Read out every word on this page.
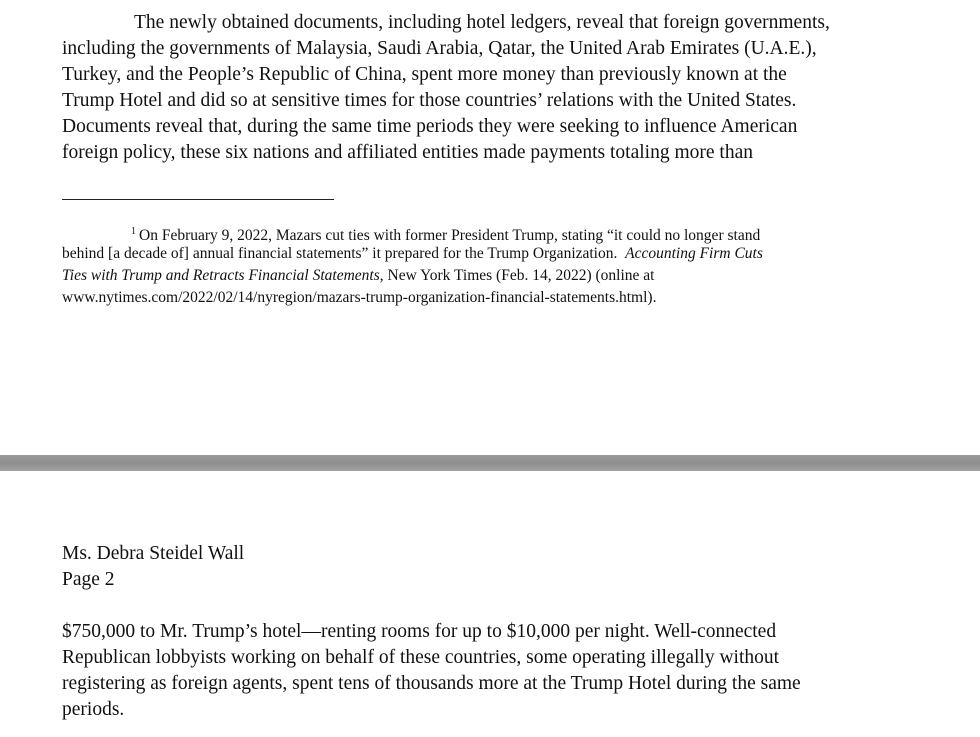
The newly obtained documents, including hotel ledgers, reveal that foreign governments,
including the governments of Malaysia, Saudi Arabia, Qatar, the United Arab Emirates (U.A.E.),
Turkey, and the People’s Republic of China, spent more money than previously known at the
Trump Hotel and did so at sensitive times for those countries’ relations with the United States.
Documents reveal that, during the same time periods they were seeking to influence American
foreign policy, these six nations and affiliated entities made payments totaling more than
$^1$ On February 9, 2022, Mazars cut ties with former President Trump, stating “it could no longer stand
behind [a decade of] annual financial statements” it prepared for the Trump Organization. Accounting Firm Cuts
Ties with Trump and Retracts Financial Statements, New York Times (Feb. 14, 2022) (online at
www.nytimes.com/2022/02/14/nyregion/mazars-trump-organization-financial-statements.html).
Ms. Debra Steidel Wall
Page 2
$750,000 to Mr. Trump’s hotel—renting rooms for up to $10,000 per night. Well-connected
Republican lobbyists working on behalf of these countries, some operating illegally without
registering as foreign agents, spent tens of thousands more at the Trump Hotel during the same
periods.
